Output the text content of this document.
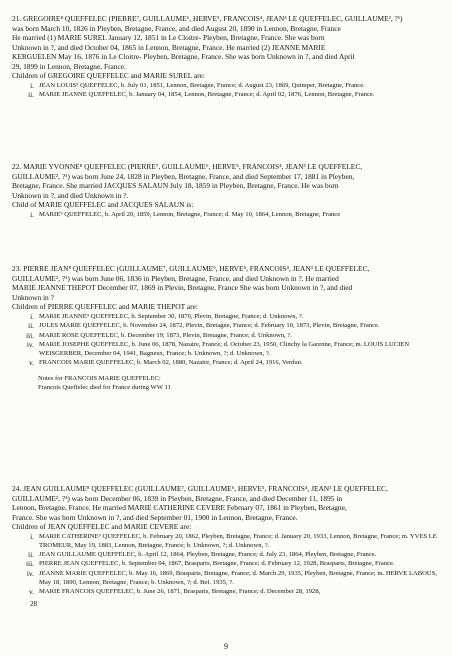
21. GREGOIRE⁸ QUEFFELEC (PIERRE⁷, GUILLAUME⁶, HERVE⁵, FRANCOIS⁴, JEAN³ LE QUEFFELEC, GUILLAUME², ?¹)

was born March 10, 1826 in Pleyben, Bretagne, France, and died August 20, 1890 in Lennon, Bretagne, France

He married (1) MARIE SUREL January 12, 1851 in Le Cloitre- Pleyben, Bretagne, France. She was born

Unknown in ?, and died October 04, 1865 in Lennon, Bretagne, France. He married (2) JEANNE MARIE

KERGUELEN May 16, 1876 in Le Cloitre- Pleyben, Bretagne, France. She was born Unknown in ?, and died April

29, 1899 in Lennon, Bretagne, France.

Children of GREGOIRE QUEFFELEC and MARIE SUREL are:

i. JEAN LOUIS⁹ QUEFFELEC, b. July 01, 1851, Lennon, Bretagne, France; d. August 23, 1869, Quimper, Bretagne, France.
ii. MARIE JEANNE QUEFFELEC, b. January 04, 1854, Lennon, Bretagne, France; d. April 02, 1876, Lennon, Bretagne, France.

22. MARIE YVONNE⁸ QUEFFELEC (PIERRE⁷, GUILLAUME⁶, HERVE⁵, FRANCOIS⁴, JEAN³ LE QUEFFELEC,

GUILLAUME², ?¹) was born June 24, 1828 in Pleyben, Bretagne, France, and died September 17, 1881 in Pleyben,

Bretagne, France. She married JACQUES SALAUN July 18, 1859 in Pleyben, Bretagne, France. He was born

Unknown in ?, and died Unknown in ?.

Child of MARIE QUEFFELEC and JACQUES SALAUN is:

i. MARIE⁹ QUEFFELEC, b. April 20, 1859, Lennon, Bretagne, France; d. May 10, 1864, Lennon, Bretagne, France

23. PIERRE JEAN⁸ QUEFFELEC (GUILLAUME⁷, GUILLAUME⁶, HERVE⁵, FRANCOIS⁴, JEAN³ LE QUEFFELEC,

GUILLAUME², ?¹) was born June 06, 1836 in Pleyben, Bretagne, France, and died Unknown in ?. He married

MARIE JEANNE THEPOT December 07, 1869 in Plevin, Bretagne, France She was born Unknown in ?, and died

Unknown in ?

Children of PIERRE QUEFFELEC and MARIE THEPOT are:

i. MARIE JEANNE⁹ QUEFFELEC, b. September 30, 1870, Plevin, Bretagne, France; d. Unknown, ?.
ii. JULES MARIE QUEFFELEC, b. November 24, 1872, Plevin, Bretagne, France; d. February 10, 1873, Plevin, Bretagne, France.
iii. MARIE ROSE QUEFFELEC, b. December 19, 1873, Plevin, Bretagne, France; d. Unknown, ?.
iv. MARIE JOSEPHE QUEFFELEC, b. June 06, 1878, Nazaire, France; d. October 23, 1950, Clinchy la Garenne, France; m. LOUIS LUCIEN WEISGERBER, December 04, 1941, Bagneux, France; b. Unknown, ?; d. Unknown, ?.
v. FRANCOIS MARIE QUEFFELEC, b. March 02, 1880, Nazaire, France; d. April 24, 1916, Verdun.
Notes for FRANCOIS MARIE QUEFFELEC:
Francois Queffelec died for France during WW 11

24. JEAN GUILLAUME⁸ QUEFFELEC (GUILLAUME⁷, GUILLAUME⁶, HERVE⁵, FRANCOIS⁴, JEAN³ LE QUEFFELEC,

GUILLAUME², ?¹) was born December 06, 1839 in Pleyben, Bretagne, France, and died December 11, 1895 in

Lennon, Bretagne, France. He married MARIE CATHERINE CEVERE February 07, 1861 in Pleyben, Bretagne,

France. She was born Unknown in ?, and died September 01, 1900 in Lennon, Bretagne, France.

Children of JEAN QUEFFELEC and MARIE CEVERE are:

i. MARIE CATHERINE⁹ QUEFFELEC, b. February 20, 1862, Pleyben, Bretagne, France; d. January 20, 1933, Lennon, Bretagne, France; m. YVES LE TROMEUR, May 19, 1883, Lennon, Bretagne, France; b. Unknown, ?; d. Unknown, ?.
ii. JEAN GUILLAUME QUEFFELEC, b. April 12, 1864, Pleyben, Bretagne, France; d. July 23, 1864, Pleyben, Bretagne, France.
iii. PIERRE JEAN QUEFFELEC, b. September 04, 1867, Brasparts, Bretagne, France; d. February 12, 1928, Brasparts, Bretagne, France.
iv. JEANNE MARIE QUEFFELEC, b. May 16, 1869, Brasparts, Bretagne, France; d. March 29, 1935, Pleyben, Bretagne, France; m. HERVE LABOUS, May 18, 1890, Lennon, Bretagne, France; b. Unknown, ?; d. Bef. 1935, ?.
v. MARIE FRANCOIS QUEFFELEC, b. June 26, 1871, Brasparts, Bretagne, France; d. December 28, 1928,
28
9
